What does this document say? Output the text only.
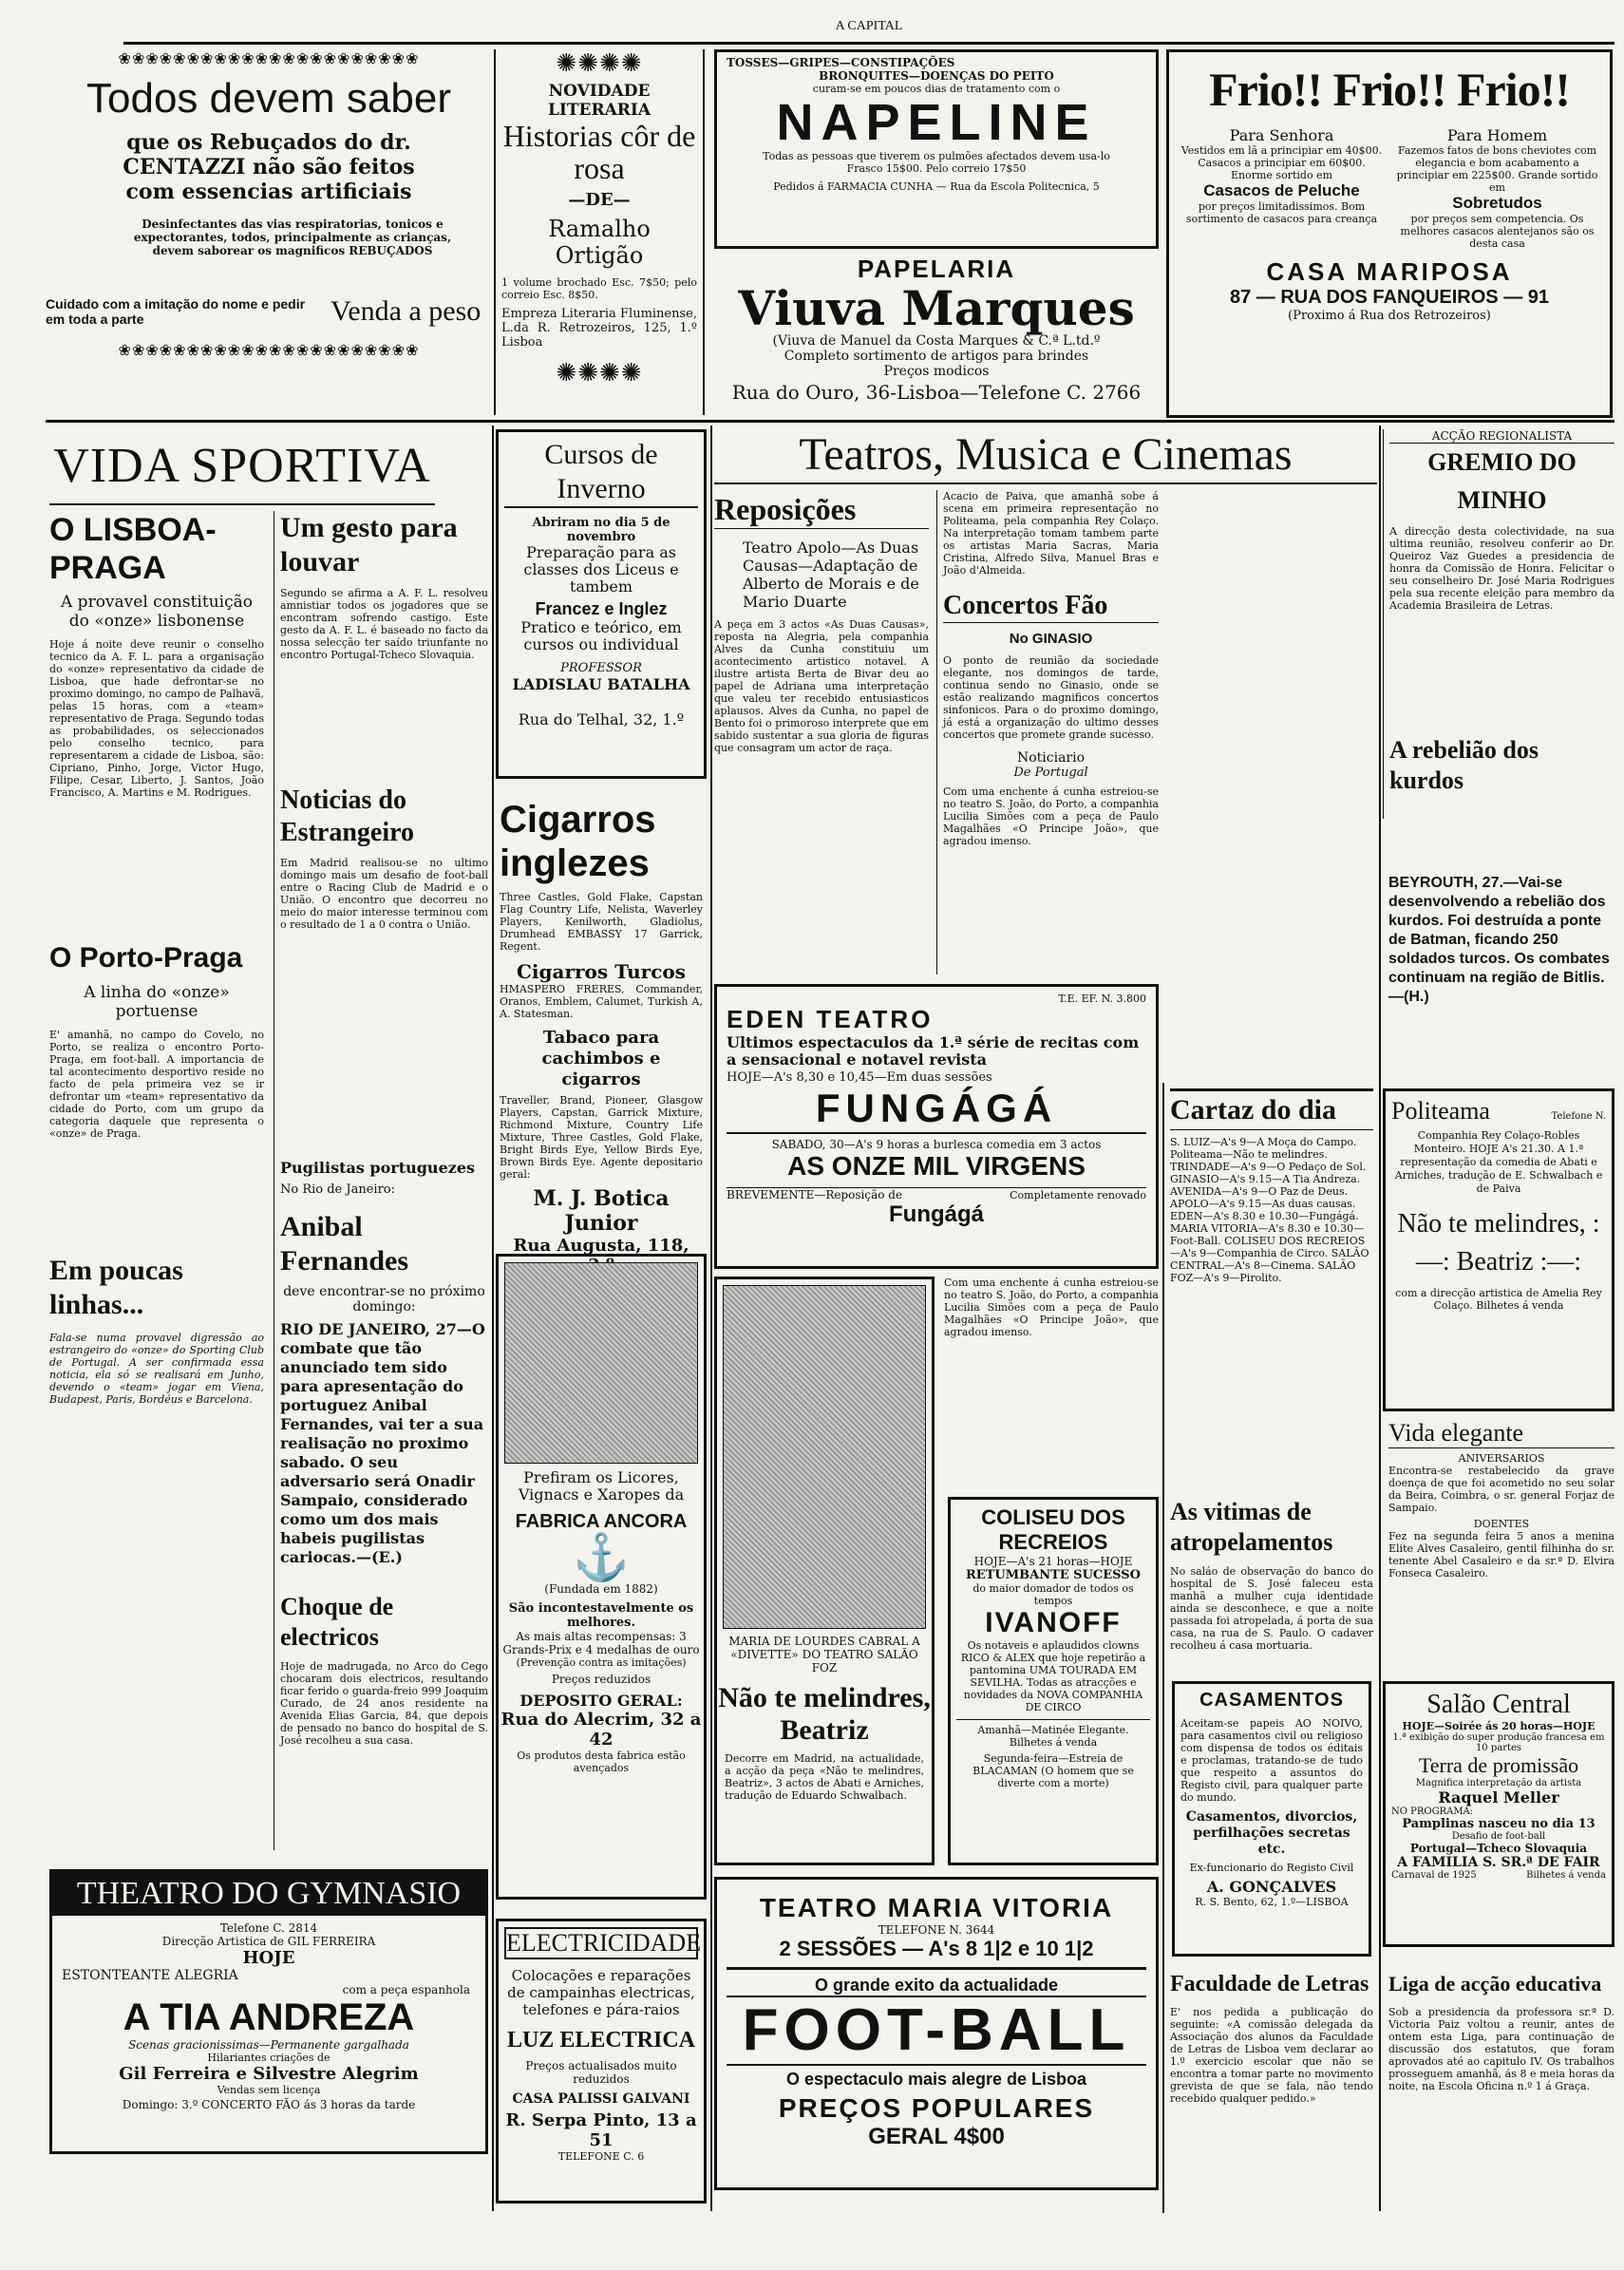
A CAPITAL
❀❀❀❀❀❀❀❀❀❀❀❀❀❀❀❀❀❀❀❀❀❀
Todos devem saber
que os Rebuçados do dr.
CENTAZZI não são feitos
com essencias artificiais
Desinfectantes das vias respiratorias, tonicos e expectorantes, todos, principalmente as crianças, devem saborear os magnificos REBUÇADOS
Cuidado com a imitação do nome e pedir em toda a parte	Venda a peso
❀❀❀❀❀❀❀❀❀❀❀❀❀❀❀❀❀❀❀❀❀❀
✺✺✺✺
NOVIDADE LITERARIA
Historias côr de rosa
—DE—
Ramalho Ortigão
1 volume brochado Esc. 7$50; pelo correio Esc. 8$50.
Empreza Literaria Fluminense, L.da R. Retrozeiros, 125, 1.º Lisboa
✺✺✺✺
TOSSES—GRIPES—CONSTIPAÇÕES
BRONQUITES—DOENÇAS DO PEITO
curam-se em poucos dias de tratamento com o
NAPELINE
Todas as pessoas que tiverem os pulmões afectados devem usa-lo
Frasco 15$00. Pelo correio 17$50
Pedidos á FARMACIA CUNHA — Rua da Escola Politecnica, 5
PAPELARIA
Viuva Marques
(Viuva de Manuel da Costa Marques & C.ª L.td.º
Completo sortimento de artigos para brindes
Preços modicos
Rua do Ouro, 36-Lisboa—Telefone C. 2766
Frio!! Frio!! Frio!!
Para Senhora
Vestidos em lã a principiar em 40$00. Casacos a principiar em 60$00. Enorme sortido em
Casacos de Peluche
por preços limitadissimos. Bom sortimento de casacos para creança
Para Homem
Fazemos fatos de bons cheviotes com elegancia e bom acabamento a principiar em 225$00. Grande sortido em
Sobretudos
por preços sem competencia. Os melhores casacos alentejanos são os desta casa
CASA MARIPOSA
87 — RUA DOS FANQUEIROS — 91
(Proximo á Rua dos Retrozeiros)
VIDA SPORTIVA
O LISBOA-PRAGA
A provavel constituição do «onze» lisbonense
Hoje á noite deve reunir o conselho tecnico da A. F. L. para a organisação do «onze» representativo da cidade de Lisboa, que hade defrontar-se no proximo domingo, no campo de Palhavã, pelas 15 horas, com a «team» representativo de Praga. Segundo todas as probabilidades, os seleccionados pelo conselho tecnico, para representarem a cidade de Lisboa, são: Cipriano, Pinho, Jorge, Victor Hugo, Filipe, Cesar, Liberto, J. Santos, João Francisco, A. Martins e M. Rodrigues.
O Porto-Praga
A linha do «onze» portuense
E' amanhã, no campo do Covelo, no Porto, se realiza o encontro Porto-Praga, em foot-ball. A importancia de tal acontecimento desportivo reside no facto de pela primeira vez se ir defrontar um «team» representativo da cidade do Porto, com um grupo da categoria daquele que representa o «onze» de Praga.
Em poucas linhas...
Fala-se numa provavel digressão ao estrangeiro do «onze» do Sporting Club de Portugal. A ser confirmada essa noticia, ela só se realisará em Junho, devendo o «team» jogar em Viena, Budapest, Paris, Bordéus e Barcelona.
Um gesto para louvar
Segundo se afirma a A. F. L. resolveu amnistiar todos os jogadores que se encontram sofrendo castigo. Este gesto da A. F. L. é baseado no facto da nossa selecção ter saído triunfante no encontro Portugal-Tcheco Slovaquia.
Noticias do Estrangeiro
Em Madrid realisou-se no ultimo domingo mais um desafio de foot-ball entre o Racing Club de Madrid e o União. O encontro que decorreu no meio do maior interesse terminou com o resultado de 1 a 0 contra o União.
Pugilistas portuguezes
No Rio de Janeiro:
Anibal Fernandes
deve encontrar-se no próximo domingo:
RIO DE JANEIRO, 27—O combate que tão anunciado tem sido para apresentação do portuguez Anibal Fernandes, vai ter a sua realisação no proximo sabado. O seu adversario será Onadir Sampaio, considerado como um dos mais habeis pugilistas cariocas.—(E.)
Choque de electricos
Hoje de madrugada, no Arco do Cego chocaram dois electricos, resultando ficar ferido o guarda-freio 999 Joaquim Curado, de 24 anos residente na Avenida Elias Garcia, 84, que depois de pensado no banco do hospital de S. José recolheu a sua casa.
THEATRO DO GYMNASIO
Telefone C. 2814
Direcção Artistica de GIL FERREIRA
HOJE
ESTONTEANTE ALEGRIA
com a peça espanhola
A TIA ANDREZA
Scenas gracionissimas—Permanente gargalhada
Hilariantes criações de
Gil Ferreira e Silvestre Alegrim
Vendas sem licença
Domingo: 3.º CONCERTO FÃO ás 3 horas da tarde
Cursos de Inverno
Abriram no dia 5 de novembro
Preparação para as classes dos Liceus e tambem
Francez e Inglez
Pratico e teórico, em cursos ou individual
PROFESSOR
LADISLAU BATALHA
Rua do Telhal, 32, 1.º
Cigarros inglezes
Three Castles, Gold Flake, Capstan Flag Country Life, Nelista, Waverley Players, Kenilworth, Gladiolus, Drumhead EMBASSY 17 Garrick, Regent.
Cigarros Turcos
HMASPERO FRERES, Commander, Oranos, Emblem, Calumet, Turkish A, A. Statesman.
Tabaco para cachimbos e cigarros
Traveller, Brand, Pioneer, Glasgow Players, Capstan, Garrick Mixture, Richmond Mixture, Country Life Mixture, Three Castles, Gold Flake, Bright Birds Eye, Yellow Birds Eye, Brown Birds Eye. Agente depositario geral:
M. J. Botica Junior
Rua Augusta, 118,
Prefiram os Licores, Vignacs e Xaropes da
FABRICA ANCORA
⚓
(Fundada em 1882)
São incontestavelmente os melhores.
As mais altas recompensas: 3 Grands-Prix e 4 medalhas de ouro
(Prevenção contra as imitações)
Preços reduzidos
DEPOSITO GERAL:
Rua do Alecrim, 32 a 42
Os produtos desta fabrica estão avençados
ELECTRICIDADE
Colocações e reparações de campainhas electricas, telefones e pára-raios
LUZ ELECTRICA
Preços actualisados muito reduzidos
CASA PALISSI GALVANI
R. Serpa Pinto, 13 a 51
TELEFONE C. 6
Teatros, Musica e Cinemas
Reposições
Teatro Apolo—As Duas Causas—Adaptação de Alberto de Morais e de Mario Duarte
A peça em 3 actos «As Duas Causas», reposta na Alegria, pela companhia Alves da Cunha constituiu um acontecimento artistico notavel. A ilustre artista Berta de Bivar deu ao papel de Adriana uma interpretação que valeu ter recebido entusiasticos aplausos. Alves da Cunha, no papel de Bento foi o primoroso interprete que em sabido sustentar a sua gloria de figuras que consagram um actor de raça.
Acacio de Paiva, que amanhã sobe á scena em primeira representação no Politeama, pela companhia Rey Colaço. Na interpretação tomam tambem parte os artistas Maria Sacras, Maria Cristina, Alfredo Silva, Manuel Bras e João d'Almeida.
Concertos Fão
No GINASIO
O ponto de reunião da sociedade elegante, nos domingos de tarde, continua sendo no Ginasio, onde se estão realizando magnificos concertos sinfonicos. Para o do proximo domingo, já está a organização do ultimo desses concertos que promete grande sucesso.
Noticiario
De Portugal
Com uma enchente á cunha estreiou-se no teatro S. João, do Porto, a companhia Lucilia Simões com a peça de Paulo Magalhães «O Principe João», que agradou imenso.
T.E. EF. N. 3.800
EDEN TEATRO
Ultimos espectaculos da 1.ª série de recitas com a sensacional e notavel revista
HOJE—A's 8,30 e 10,45—Em duas sessões
FUNGÁGÁ
SABADO, 30—A's 9 horas a burlesca comedia em 3 actos
AS ONZE MIL VIRGENS
BREVEMENTE—Reposição de	Completamente renovado
Fungágá
MARIA DE LOURDES CABRAL A «DIVETTE» DO TEATRO SALÃO FOZ
Não te melindres, Beatriz
Decorre em Madrid, na actualidade, a acção da peça «Não te melindres, Beatriz», 3 actos de Abati e Arniches, tradução de Eduardo Schwalbach.
Com uma enchente á cunha estreiou-se no teatro S. João, do Porto, a companhia Lucilia Simões com a peça de Paulo Magalhães «O Principe João», que agradou imenso.
COLISEU DOS RECREIOS
HOJE—A's 21 horas—HOJE
RETUMBANTE SUCESSO
do maior domador de todos os tempos
IVANOFF
Os notaveis e aplaudidos clowns RICO & ALEX que hoje repetirão a pantomina UMA TOURADA EM SEVILHA. Todas as atracções e novidades da NOVA COMPANHIA DE CIRCO
Amanhã—Matinée Elegante. Bilhetes á venda
Segunda-feira—Estreia de BLACAMAN (O homem que se diverte com a morte)
TEATRO MARIA VITORIA
TELEFONE N. 3644
2 SESSÕES — A's 8 1|2 e 10 1|2
O grande exito da actualidade
FOOT-BALL
O espectaculo mais alegre de Lisboa
PREÇOS POPULARES
GERAL 4$00
ACÇÃO REGIONALISTA
GREMIO DO MINHO
A direcção desta colectividade, na sua ultima reunião, resolveu conferir ao Dr. Queiroz Vaz Guedes a presidencia de honra da Comissão de Honra. Felicitar o seu conselheiro Dr. José Maria Rodrigues pela sua recente eleição para membro da Academia Brasileira de Letras.
A rebelião dos kurdos
BEYROUTH, 27.—Vai-se desenvolvendo a rebelião dos kurdos. Foi destruída a ponte de Batman, ficando 250 soldados turcos. Os combates continuam na região de Bitlis.—(H.)
Politeama	Telefone N.
Companhia Rey Colaço-Robles Monteiro. HOJE A's 21.30. A 1.ª representação da comedia de Abati e Arniches, tradução de E. Schwalbach e de Paiva
Não te melindres, :—: Beatriz :—:
com a direcção artistica de Amelia Rey Colaço. Bilhetes á venda
Cartaz do dia
S. LUIZ—A's 9—A Moça do Campo. Politeama—Não te melindres. TRINDADE—A's 9—O Pedaço de Sol. GINASIO—A's 9.15—A Tia Andreza. AVENIDA—A's 9—O Paz de Deus. APOLO—A's 9.15—As duas causas. EDEN—A's 8.30 e 10.30—Fungágá. MARIA VITORIA—A's 8.30 e 10.30—Foot-Ball. COLISEU DOS RECREIOS—A's 9—Companhia de Circo. SALÃO CENTRAL—A's 8—Cinema. SALÃO FOZ—A's 9—Pirolito.
As vitimas de atropelamentos
No saláo de observação do banco do hospital de S. José faleceu esta manhã a mulher cuja identidade ainda se desconhece, e que a noite passada foi atropelada, á porta de sua casa, na rua de S. Paulo. O cadaver recolheu á casa mortuaria.
CASAMENTOS
Aceitam-se papeis AO NOIVO, para casamentos civil ou religioso com dispensa de todos os éditais e proclamas, tratando-se de tudo que respeito a assuntos do Registo civil, para qualquer parte do mundo.
Casamentos, divorcios, perfilhações secretas etc.
Ex-funcionario do Registo Civil
A. GONÇALVES
R. S. Bento, 62, 1.º—LISBOA
Vida elegante
ANIVERSARIOS
Encontra-se restabelecido da grave doença de que foi acometido no seu solar da Beira, Coimbra, o sr. general Forjaz de Sampaio.
DOENTES
Fez na segunda feira 5 anos a menina Elite Alves Casaleiro, gentil filhinha do sr. tenente Abel Casaleiro e da sr.ª D. Elvira Fonseca Casaleiro.
Salão Central
HOJE—Soirée ás 20 horas—HOJE
1.ª exibição do super produção francesa em 10 partes
Terra de promissão
Magnifica interpretação da artista
Raquel Meller
NO PROGRAMA:
Pamplinas nasceu no dia 13
Desafio de foot-ball
Portugal—Tcheco Slovaquia
A FAMILIA S. SR.ª DE FAIR
Carnaval de 1925	Bilhetes á venda
Faculdade de Letras
E' nos pedida a publicação do seguinte: «A comissão delegada da Associação dos alunos da Faculdade de Letras de Lisboa vem declarar ao 1.º exercicio escolar que não se encontra a tomar parte no movimento grevista de que se fala, não tendo recebido qualquer pedido.»
Liga de acção educativa
Sob a presidencia da professora sr.ª D. Victoria Paiz voltou a reunir, antes de ontem esta Liga, para continuação de discussão dos estatutos, que foram aprovados até ao capitulo IV. Os trabalhos prosseguem amanhã, ás 8 e meia horas da noite, na Escola Oficina n.º 1 á Graça.
